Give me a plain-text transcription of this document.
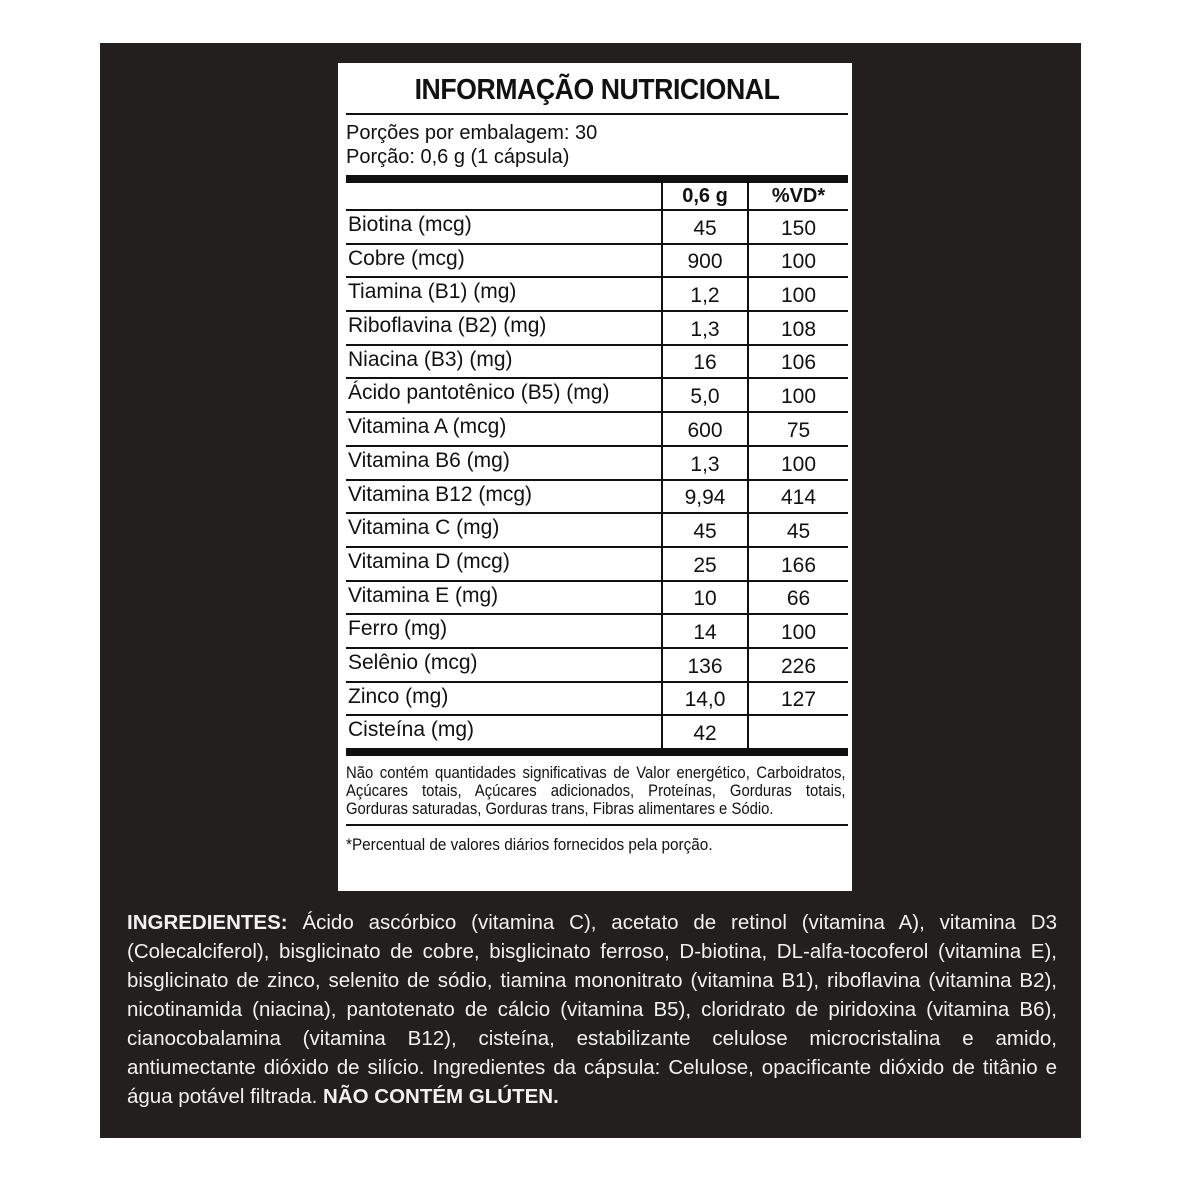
INFORMAÇÃO NUTRICIONAL
Porções por embalagem: 30
Porção: 0,6 g (1 cápsula)
	0,6 g	%VD*
Biotina (mcg)	45	150
Cobre (mcg)	900	100
Tiamina (B1) (mg)	1,2	100
Riboflavina (B2) (mg)	1,3	108
Niacina (B3) (mg)	16	106
Ácido pantotênico (B5) (mg)	5,0	100
Vitamina A (mcg)	600	75
Vitamina B6 (mg)	1,3	100
Vitamina B12 (mcg)	9,94	414
Vitamina C (mg)	45	45
Vitamina D (mcg)	25	166
Vitamina E (mg)	10	66
Ferro (mg)	14	100
Selênio (mcg)	136	226
Zinco (mg)	14,0	127
Cisteína (mg)	42	
Não contém quantidades significativas de Valor energético, Carboidratos, Açúcares totais, Açúcares adicionados, Proteínas, Gorduras totais, Gorduras saturadas, Gorduras trans, Fibras alimentares e Sódio.
*Percentual de valores diários fornecidos pela porção.
INGREDIENTES: Ácido ascórbico (vitamina C), acetato de retinol (vitamina A), vitamina D3 (Colecalciferol), bisglicinato de cobre, bisglicinato ferroso, D-biotina, DL-alfa-tocoferol (vitamina E), bisglicinato de zinco, selenito de sódio, tiamina mononitrato (vitamina B1), riboflavina (vitamina B2), nicotinamida (niacina), pantotenato de cálcio (vitamina B5), cloridrato de piridoxina (vitamina B6), cianocobalamina (vitamina B12), cisteína, estabilizante celulose microcristalina e amido, antiumectante dióxido de silício. Ingredientes da cápsula: Celulose, opacificante dióxido de titânio e água potável filtrada. NÃO CONTÉM GLÚTEN.
